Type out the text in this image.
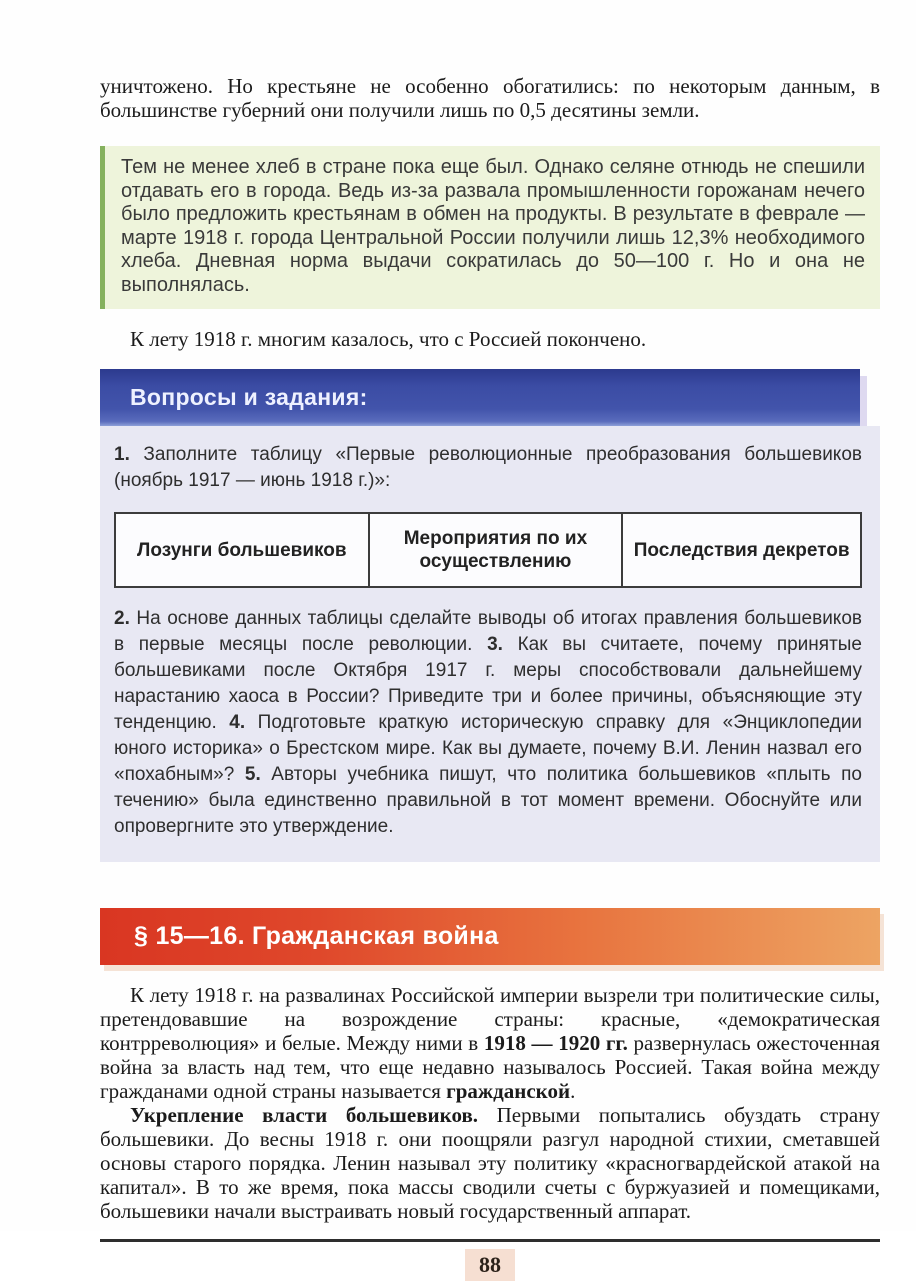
уничтожено. Но крестьяне не особенно обогатились: по некоторым данным, в большинстве губерний они получили лишь по 0,5 десятины земли.

Тем не менее хлеб в стране пока еще был. Однако селяне отнюдь не спешили отдавать его в города. Ведь из-за развала промышленности горожанам нечего было предложить крестьянам в обмен на продукты. В результате в феврале — марте 1918 г. города Центральной России получили лишь 12,3% необходимого хлеба. Дневная норма выдачи сократилась до 50—100 г. Но и она не выполнялась.

К лету 1918 г. многим казалось, что с Россией покончено.

Вопросы и задания:

1. Заполните таблицу «Первые революционные преобразования большевиков (ноябрь 1917 — июнь 1918 г.)»:

Лозунги большевиков	Мероприятия по их осуществлению	Последствия декретов

2. На основе данных таблицы сделайте выводы об итогах правления большевиков в первые месяцы после революции. 3. Как вы считаете, почему принятые большевиками после Октября 1917 г. меры способствовали дальнейшему нарастанию хаоса в России? Приведите три и более причины, объясняющие эту тенденцию. 4. Подготовьте краткую историческую справку для «Энциклопедии юного историка» о Брестском мире. Как вы думаете, почему В.И. Ленин назвал его «похабным»? 5. Авторы учебника пишут, что политика большевиков «плыть по течению» была единственно правильной в тот момент времени. Обоснуйте или опровергните это утверждение.

§ 15—16. Гражданская война

К лету 1918 г. на развалинах Российской империи вызрели три политические силы, претендовавшие на возрождение страны: красные, «демократическая контрреволюция» и белые. Между ними в 1918 — 1920 гг. развернулась ожесточенная война за власть над тем, что еще недавно называлось Россией. Такая война между гражданами одной страны называется гражданской.

Укрепление власти большевиков. Первыми попытались обуздать страну большевики. До весны 1918 г. они поощряли разгул народной стихии, сметавшей основы старого порядка. Ленин называл эту политику «красногвардейской атакой на капитал». В то же время, пока массы сводили счеты с буржуазией и помещиками, большевики начали выстраивать новый государственный аппарат.

88
